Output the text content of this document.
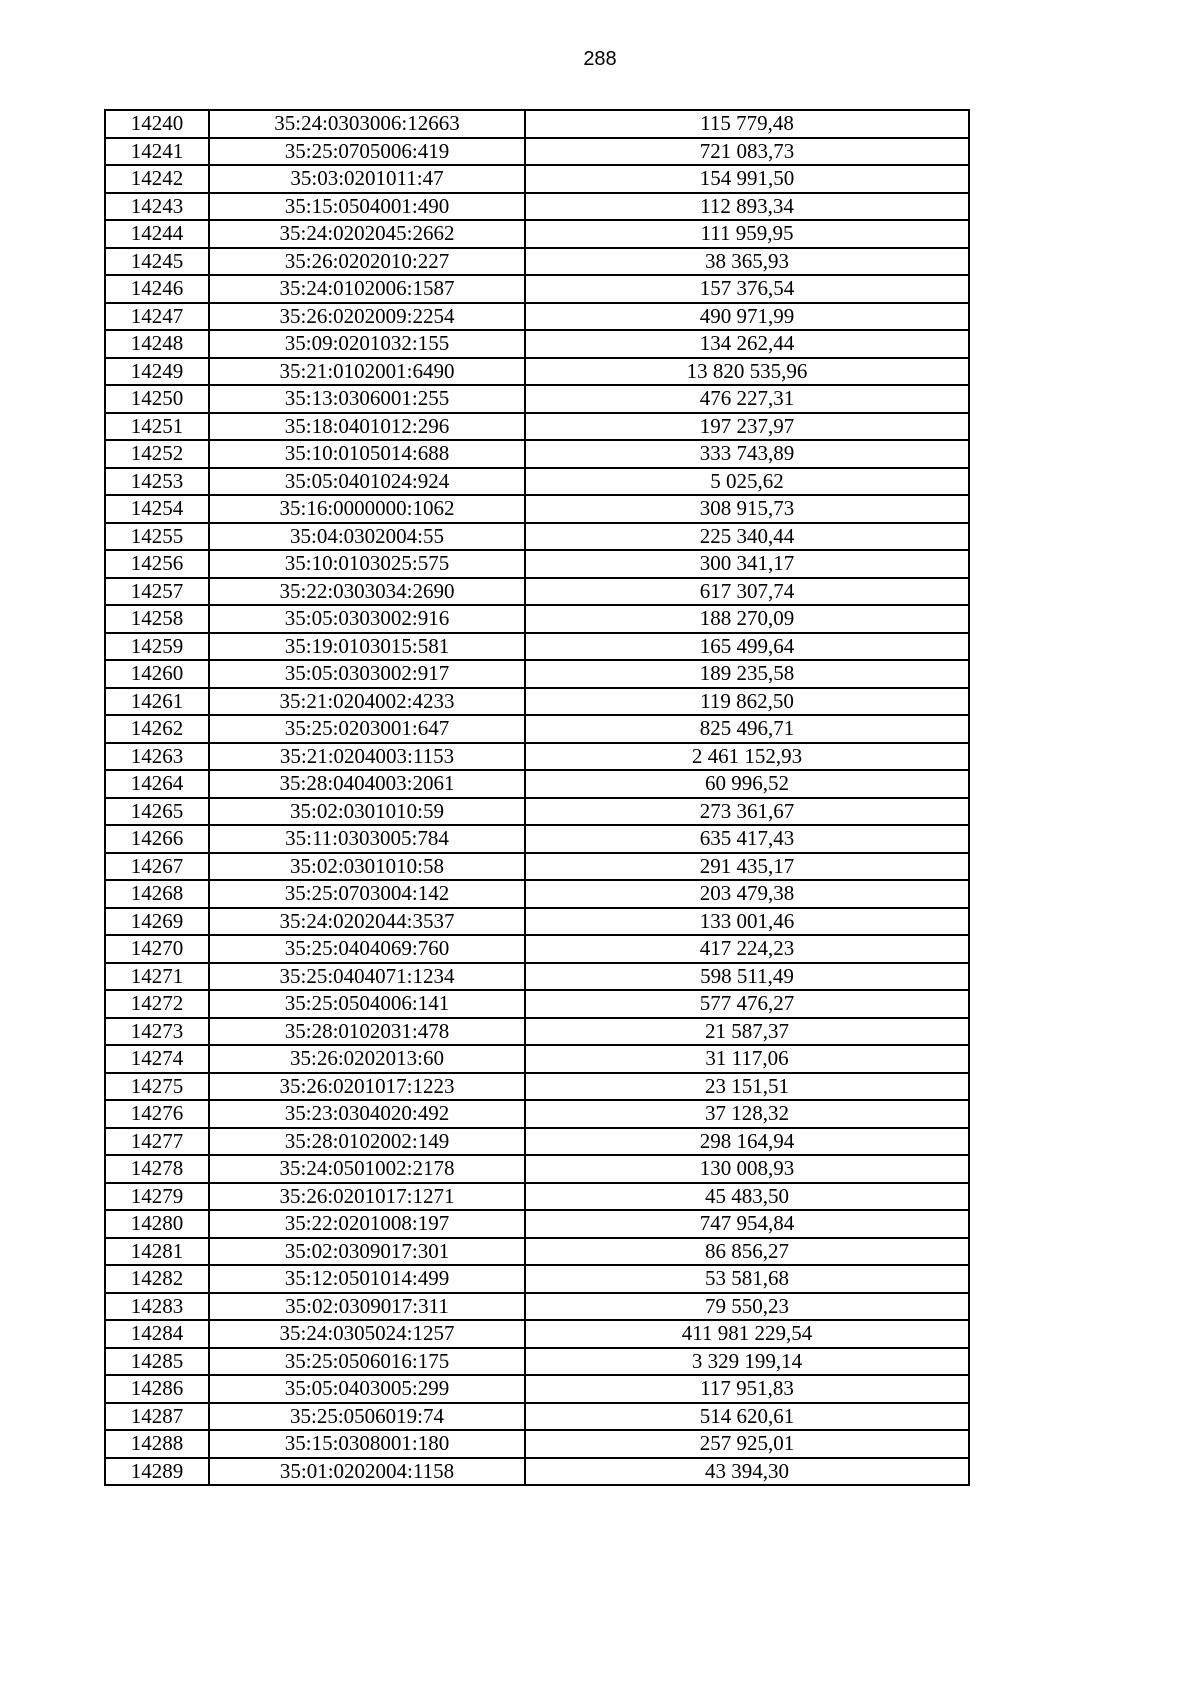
288
14240	35:24:0303006:12663	115 779,48
14241	35:25:0705006:419	721 083,73
14242	35:03:0201011:47	154 991,50
14243	35:15:0504001:490	112 893,34
14244	35:24:0202045:2662	111 959,95
14245	35:26:0202010:227	38 365,93
14246	35:24:0102006:1587	157 376,54
14247	35:26:0202009:2254	490 971,99
14248	35:09:0201032:155	134 262,44
14249	35:21:0102001:6490	13 820 535,96
14250	35:13:0306001:255	476 227,31
14251	35:18:0401012:296	197 237,97
14252	35:10:0105014:688	333 743,89
14253	35:05:0401024:924	5 025,62
14254	35:16:0000000:1062	308 915,73
14255	35:04:0302004:55	225 340,44
14256	35:10:0103025:575	300 341,17
14257	35:22:0303034:2690	617 307,74
14258	35:05:0303002:916	188 270,09
14259	35:19:0103015:581	165 499,64
14260	35:05:0303002:917	189 235,58
14261	35:21:0204002:4233	119 862,50
14262	35:25:0203001:647	825 496,71
14263	35:21:0204003:1153	2 461 152,93
14264	35:28:0404003:2061	60 996,52
14265	35:02:0301010:59	273 361,67
14266	35:11:0303005:784	635 417,43
14267	35:02:0301010:58	291 435,17
14268	35:25:0703004:142	203 479,38
14269	35:24:0202044:3537	133 001,46
14270	35:25:0404069:760	417 224,23
14271	35:25:0404071:1234	598 511,49
14272	35:25:0504006:141	577 476,27
14273	35:28:0102031:478	21 587,37
14274	35:26:0202013:60	31 117,06
14275	35:26:0201017:1223	23 151,51
14276	35:23:0304020:492	37 128,32
14277	35:28:0102002:149	298 164,94
14278	35:24:0501002:2178	130 008,93
14279	35:26:0201017:1271	45 483,50
14280	35:22:0201008:197	747 954,84
14281	35:02:0309017:301	86 856,27
14282	35:12:0501014:499	53 581,68
14283	35:02:0309017:311	79 550,23
14284	35:24:0305024:1257	411 981 229,54
14285	35:25:0506016:175	3 329 199,14
14286	35:05:0403005:299	117 951,83
14287	35:25:0506019:74	514 620,61
14288	35:15:0308001:180	257 925,01
14289	35:01:0202004:1158	43 394,30
